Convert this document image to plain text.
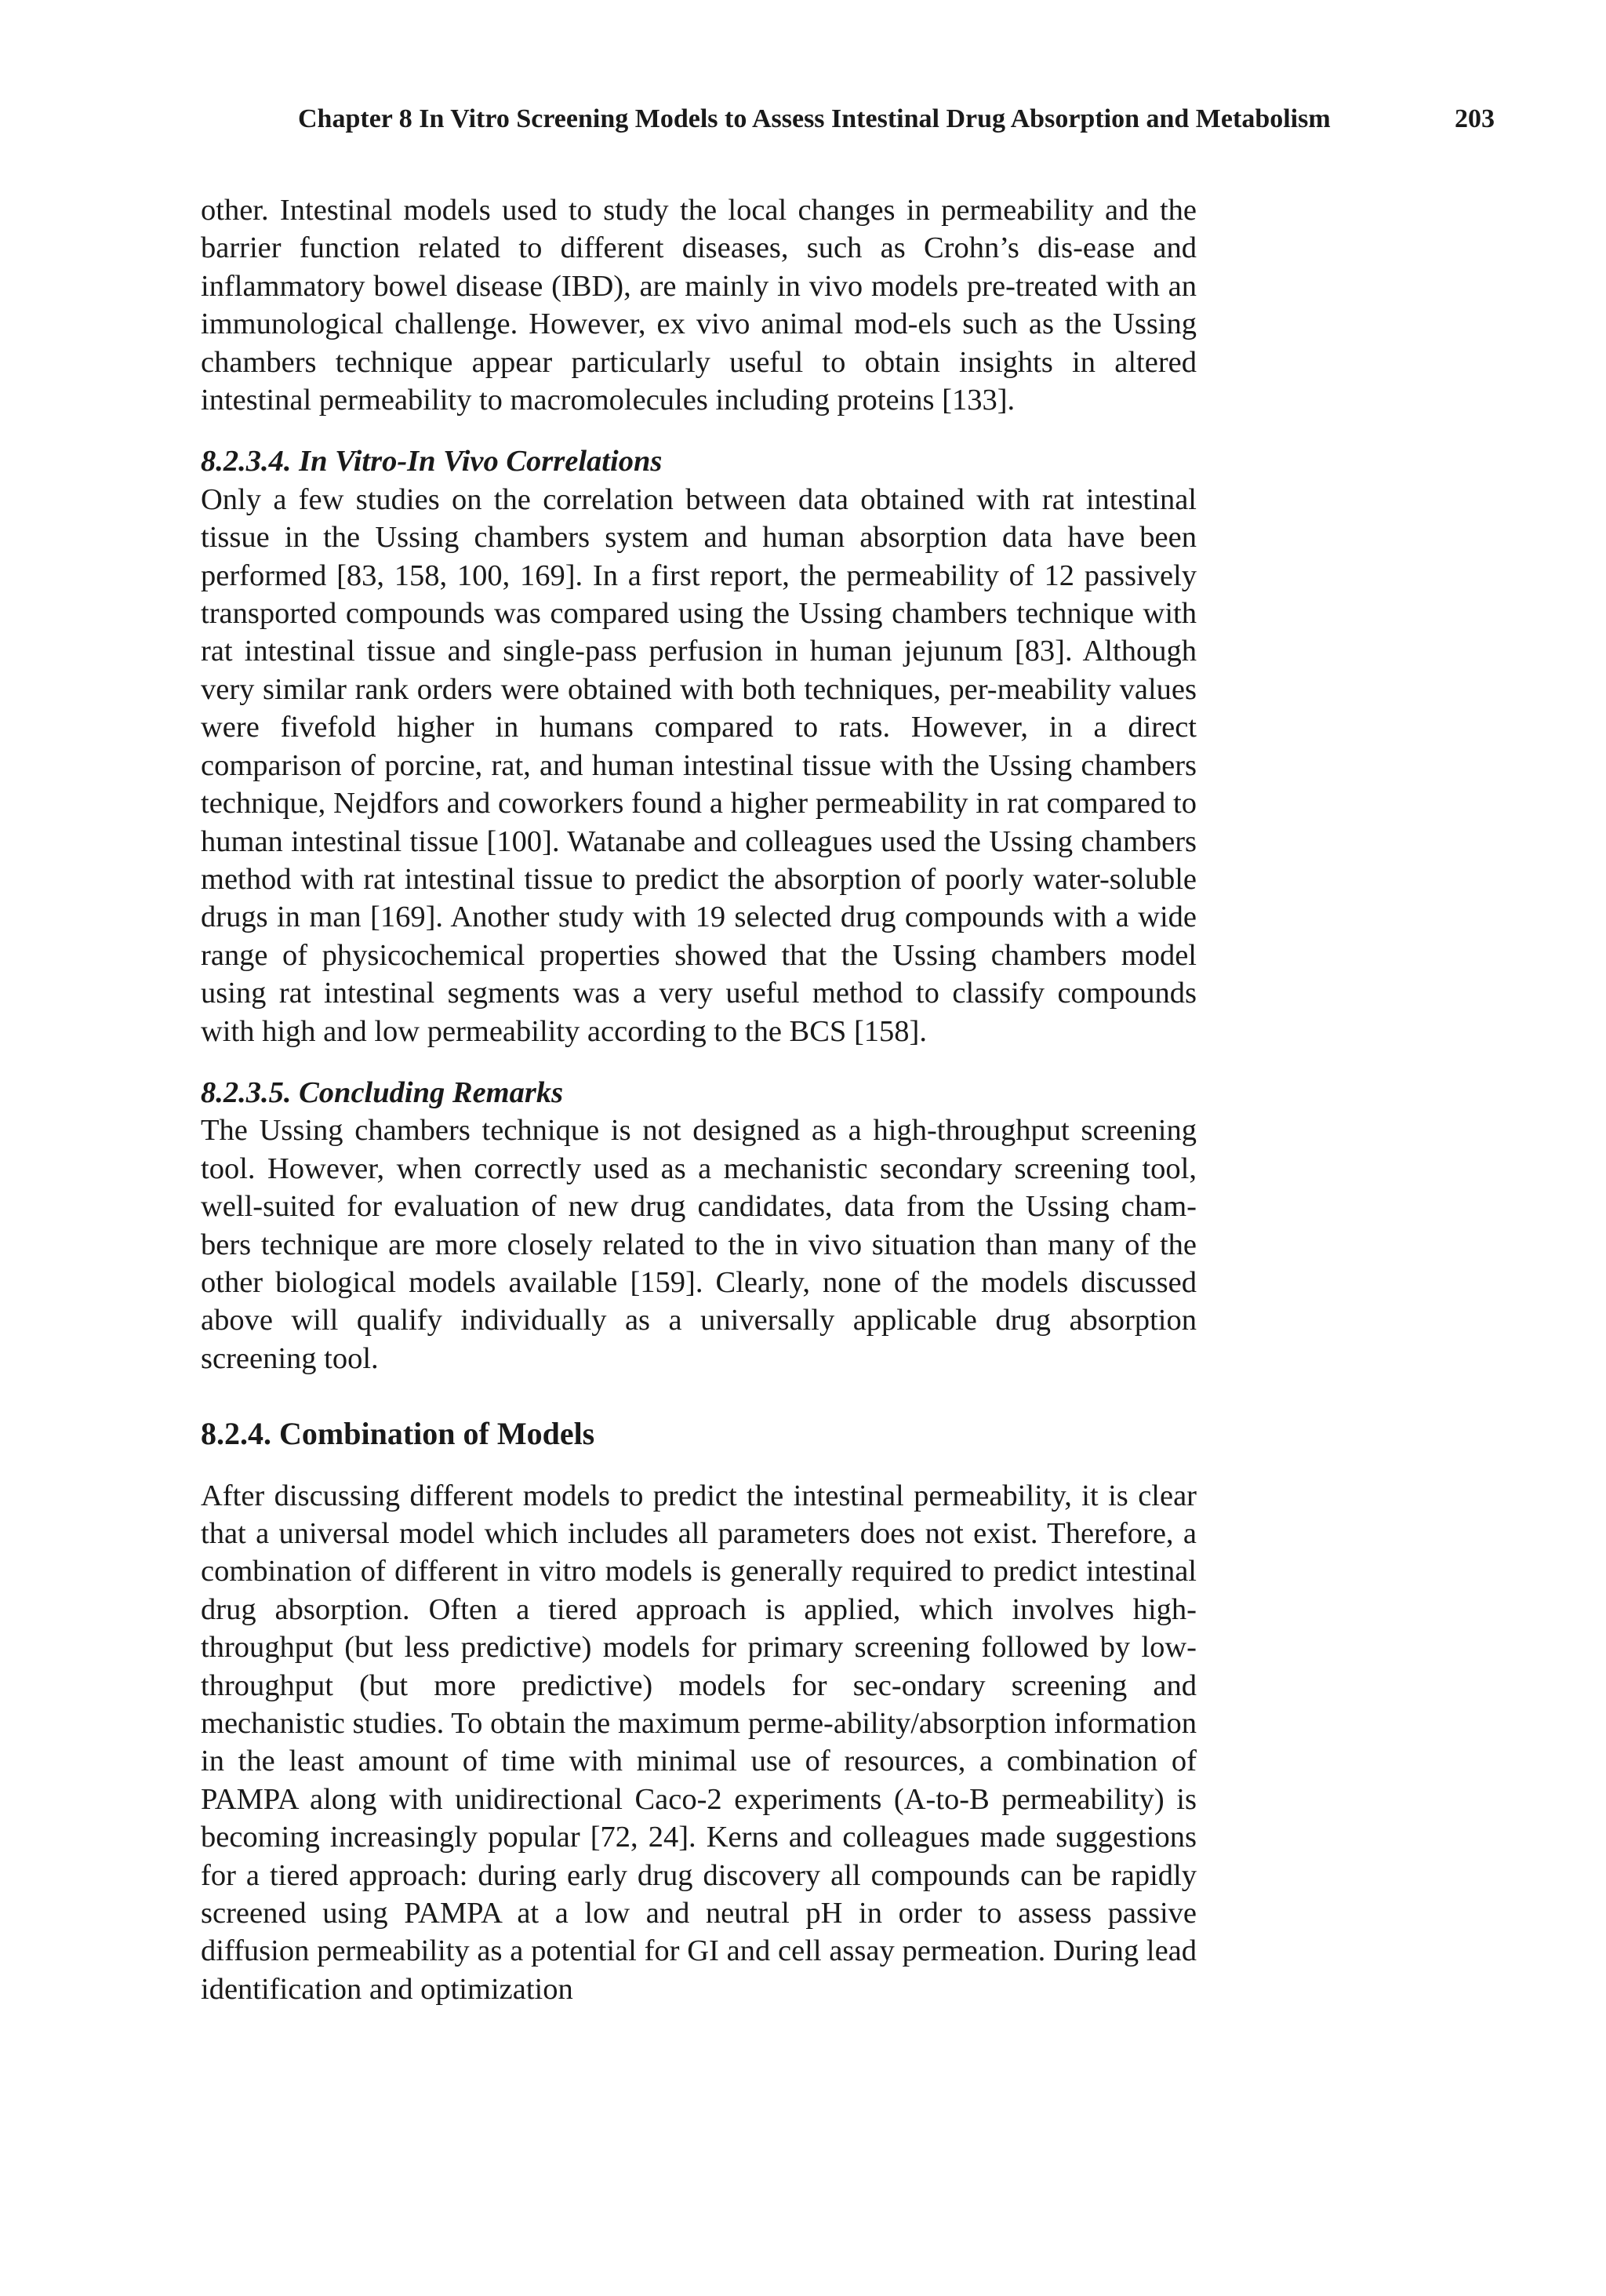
Chapter 8 In Vitro Screening Models to Assess Intestinal Drug Absorption and Metabolism	203

other. Intestinal models used to study the local changes in permeability and the barrier function related to different diseases, such as Crohn’s dis-ease and inflammatory bowel disease (IBD), are mainly in vivo models pre-treated with an immunological challenge. However, ex vivo animal mod-els such as the Ussing chambers technique appear particularly useful to obtain insights in altered intestinal permeability to macromolecules including proteins [133].

8.2.3.4. In Vitro-In Vivo Correlations

Only a few studies on the correlation between data obtained with rat intestinal tissue in the Ussing chambers system and human absorption data have been performed [83, 158, 100, 169]. In a first report, the permeability of 12 passively transported compounds was compared using the Ussing chambers technique with rat intestinal tissue and single-pass perfusion in human jejunum [83]. Although very similar rank orders were obtained with both techniques, per-meability values were fivefold higher in humans compared to rats. However, in a direct comparison of porcine, rat, and human intestinal tissue with the Ussing chambers technique, Nejdfors and coworkers found a higher permeability in rat compared to human intestinal tissue [100]. Watanabe and colleagues used the Ussing chambers method with rat intestinal tissue to predict the absorption of poorly water-soluble drugs in man [169]. Another study with 19 selected drug compounds with a wide range of physicochemical properties showed that the Ussing chambers model using rat intestinal segments was a very useful method to classify compounds with high and low permeability according to the BCS [158].

8.2.3.5. Concluding Remarks

The Ussing chambers technique is not designed as a high-throughput screening tool. However, when correctly used as a mechanistic secondary screening tool, well-suited for evaluation of new drug candidates, data from the Ussing cham-bers technique are more closely related to the in vivo situation than many of the other biological models available [159]. Clearly, none of the models discussed above will qualify individually as a universally applicable drug absorption screening tool.

8.2.4. Combination of Models

After discussing different models to predict the intestinal permeability, it is clear that a universal model which includes all parameters does not exist. Therefore, a combination of different in vitro models is generally required to predict intestinal drug absorption. Often a tiered approach is applied, which involves high-throughput (but less predictive) models for primary screening followed by low-throughput (but more predictive) models for sec-ondary screening and mechanistic studies. To obtain the maximum perme-ability/absorption information in the least amount of time with minimal use of resources, a combination of PAMPA along with unidirectional Caco-2 experiments (A-to-B permeability) is becoming increasingly popular [72, 24]. Kerns and colleagues made suggestions for a tiered approach: during early drug discovery all compounds can be rapidly screened using PAMPA at a low and neutral pH in order to assess passive diffusion permeability as a potential for GI and cell assay permeation. During lead identification and optimization
